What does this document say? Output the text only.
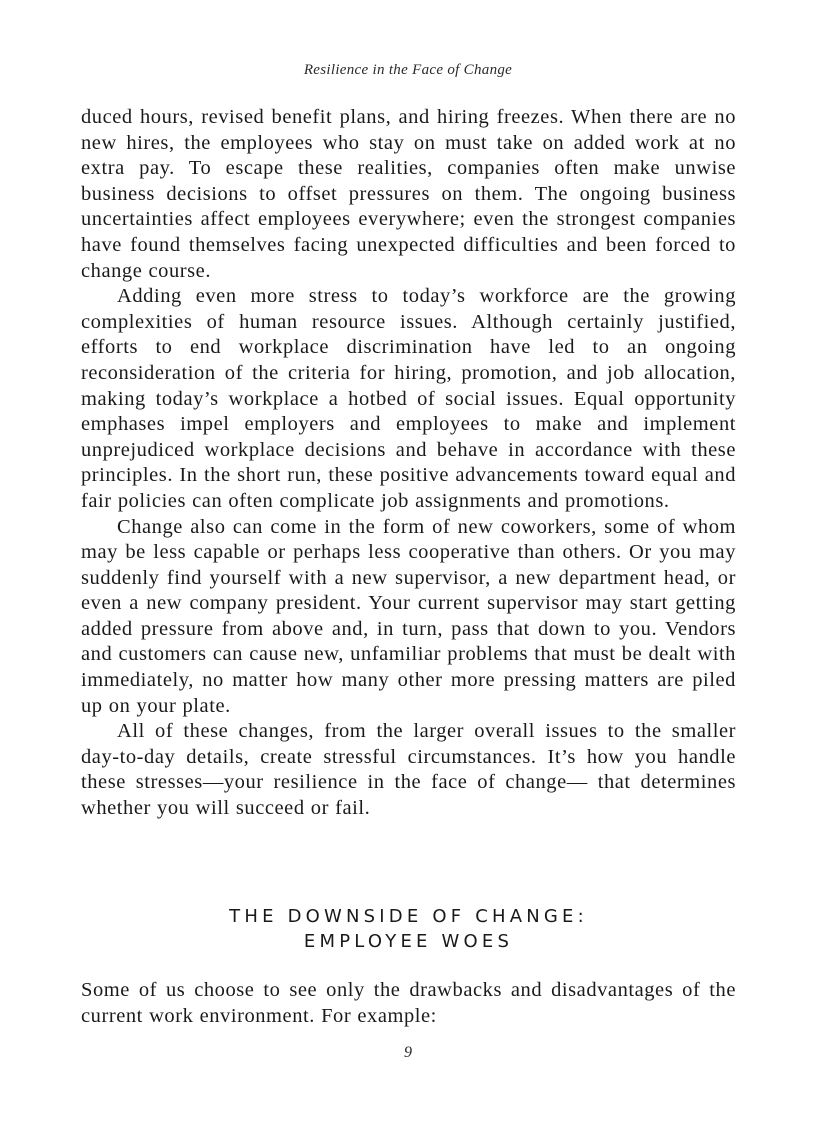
Resilience in the Face of Change

duced hours, revised benefit plans, and hiring freezes. When there are no new hires, the employees who stay on must take on added work at no extra pay. To escape these realities, companies often make unwise business decisions to offset pressures on them. The ongoing business uncertainties affect employees everywhere; even the strongest companies have found themselves facing unexpected difficulties and been forced to change course.

Adding even more stress to today’s workforce are the growing complexities of human resource issues. Although certainly justified, efforts to end workplace discrimination have led to an ongoing reconsideration of the criteria for hiring, promotion, and job allocation, making today’s workplace a hotbed of social issues. Equal opportunity emphases impel employers and employees to make and implement unprejudiced workplace decisions and behave in accordance with these principles. In the short run, these positive advancements toward equal and fair policies can often complicate job assignments and promotions.

Change also can come in the form of new coworkers, some of whom may be less capable or perhaps less cooperative than others. Or you may suddenly find yourself with a new supervisor, a new department head, or even a new company president. Your current supervisor may start getting added pressure from above and, in turn, pass that down to you. Vendors and customers can cause new, unfamiliar problems that must be dealt with immediately, no matter how many other more pressing matters are piled up on your plate.

All of these changes, from the larger overall issues to the smaller day-to-day details, create stressful circumstances. It’s how you handle these stresses—your resilience in the face of change— that determines whether you will succeed or fail.

THE DOWNSIDE OF CHANGE:
EMPLOYEE WOES

Some of us choose to see only the drawbacks and disadvantages of the current work environment. For example:

9
